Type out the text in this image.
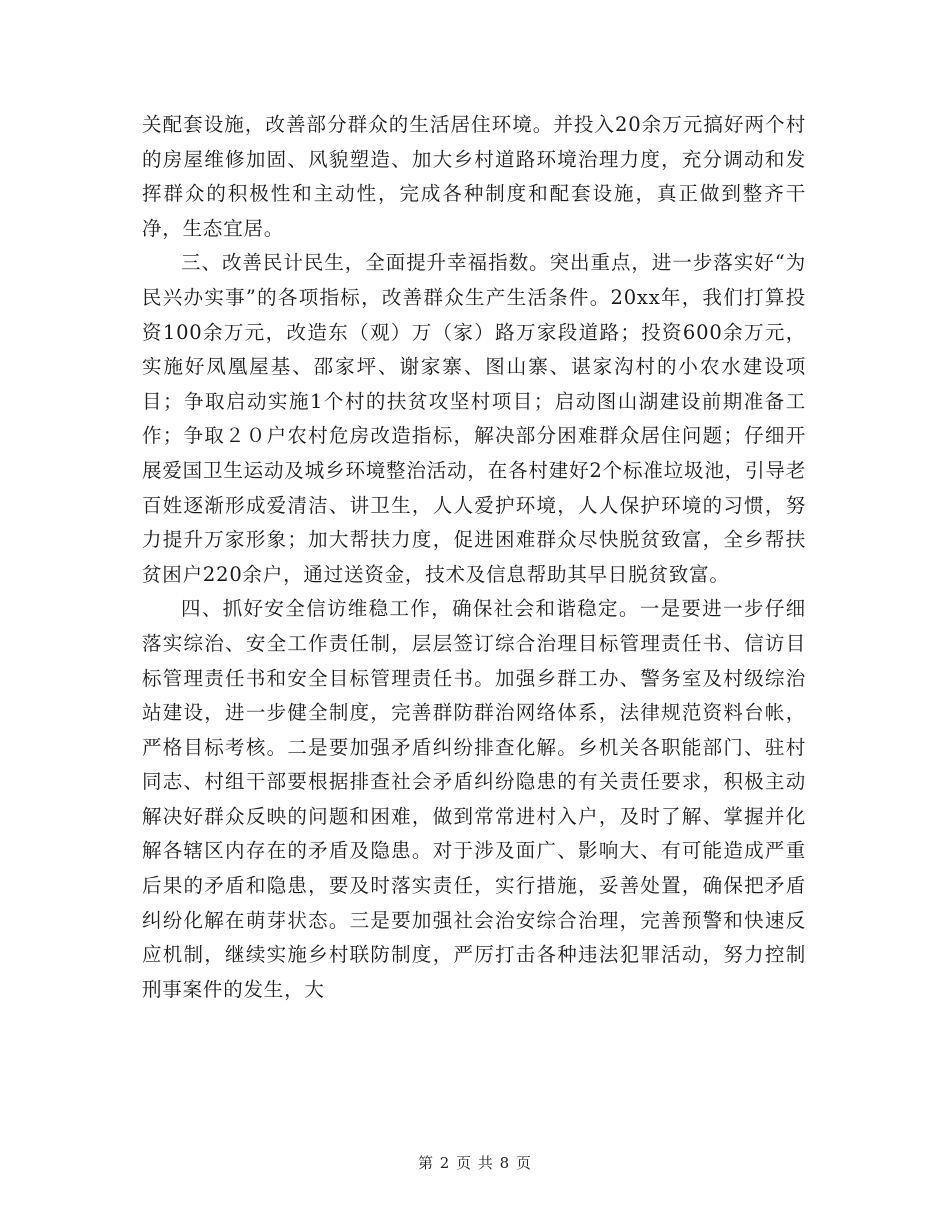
关配套设施，改善部分群众的生活居住环境。并投入20余万元搞好两个村的房屋维修加固、风貌塑造、加大乡村道路环境治理力度，充分调动和发挥群众的积极性和主动性，完成各种制度和配套设施，真正做到整齐干净，生态宜居。

三、改善民计民生，全面提升幸福指数。突出重点，进一步落实好“为民兴办实事”的各项指标，改善群众生产生活条件。20xx年，我们打算投资100余万元，改造东（观）万（家）路万家段道路；投资600余万元，实施好凤凰屋基、邵家坪、谢家寨、图山寨、谌家沟村的小农水建设项目；争取启动实施1个村的扶贫攻坚村项目；启动图山湖建设前期准备工作；争取２０户农村危房改造指标，解决部分困难群众居住问题；仔细开展爱国卫生运动及城乡环境整治活动，在各村建好2个标准垃圾池，引导老百姓逐渐形成爱清洁、讲卫生，人人爱护环境，人人保护环境的习惯，努力提升万家形象；加大帮扶力度，促进困难群众尽快脱贫致富，全乡帮扶贫困户220余户，通过送资金，技术及信息帮助其早日脱贫致富。

四、抓好安全信访维稳工作，确保社会和谐稳定。一是要进一步仔细落实综治、安全工作责任制，层层签订综合治理目标管理责任书、信访目标管理责任书和安全目标管理责任书。加强乡群工办、警务室及村级综治站建设，进一步健全制度，完善群防群治网络体系，法律规范资料台帐，严格目标考核。二是要加强矛盾纠纷排查化解。乡机关各职能部门、驻村同志、村组干部要根据排查社会矛盾纠纷隐患的有关责任要求，积极主动解决好群众反映的问题和困难，做到常常进村入户，及时了解、掌握并化解各辖区内存在的矛盾及隐患。对于涉及面广、影响大、有可能造成严重后果的矛盾和隐患，要及时落实责任，实行措施，妥善处置，确保把矛盾纠纷化解在萌芽状态。三是要加强社会治安综合治理，完善预警和快速反应机制，继续实施乡村联防制度，严厉打击各种违法犯罪活动，努力控制刑事案件的发生，大

第 2 页 共 8 页
